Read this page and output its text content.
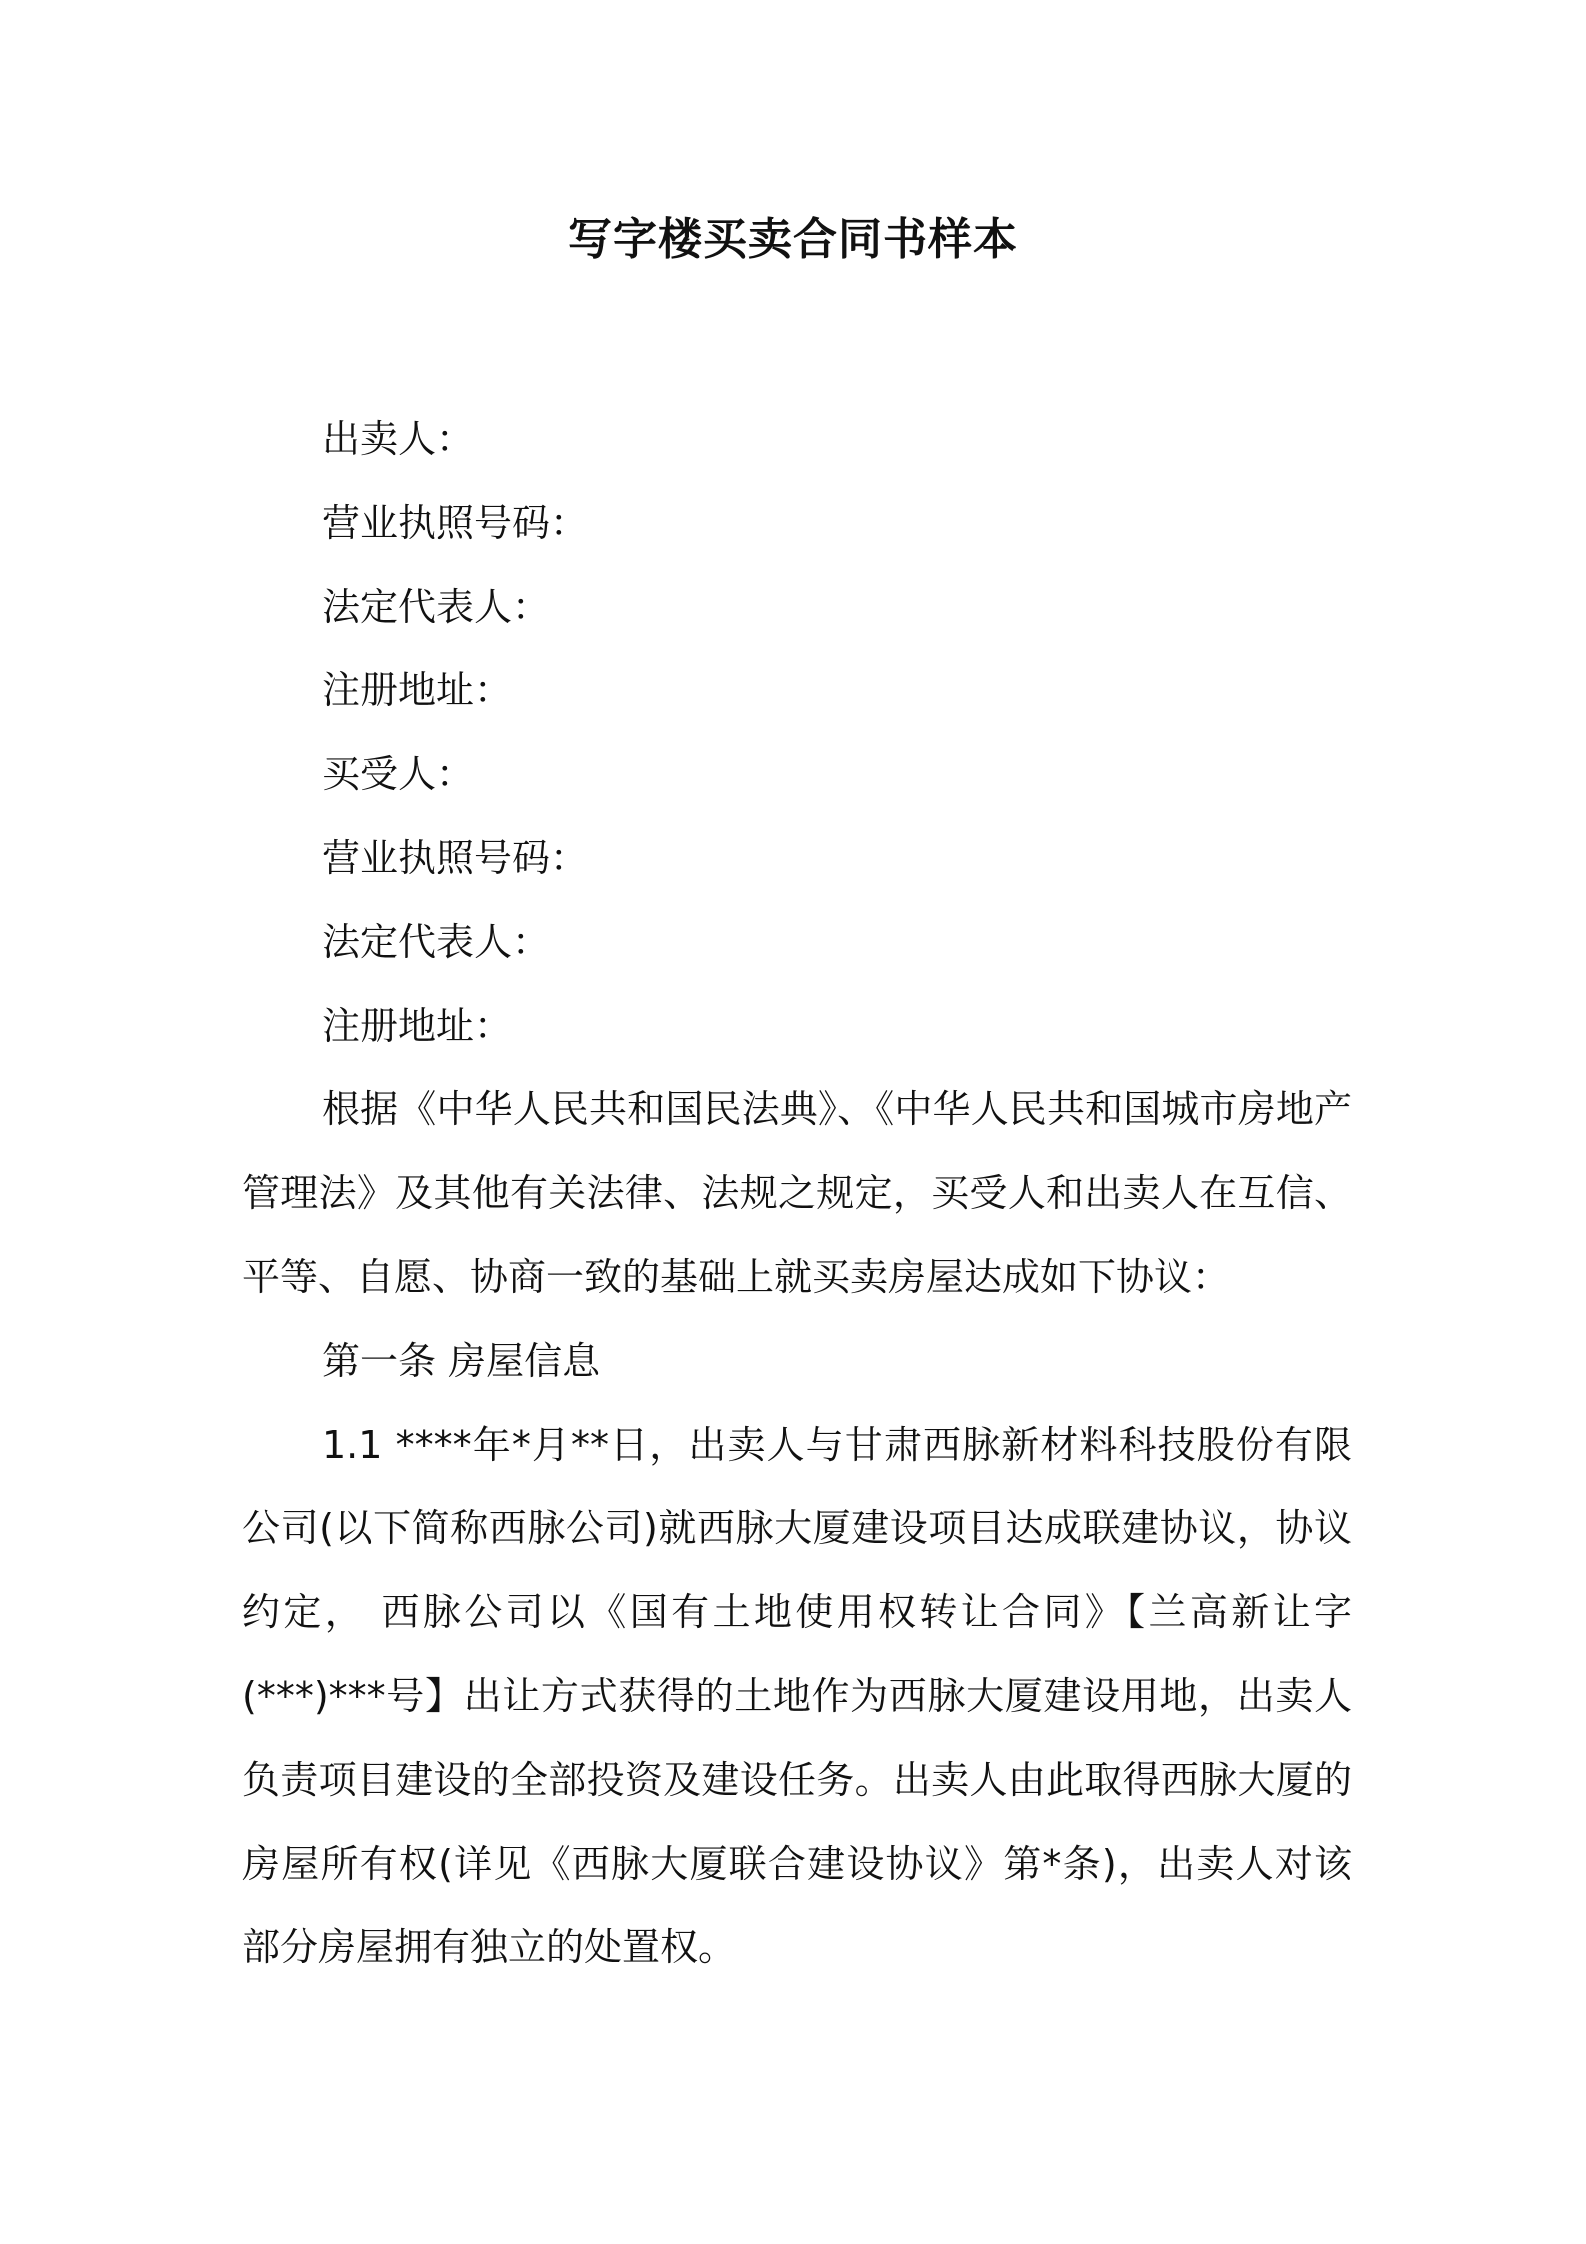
写字楼买卖合同书样本
出卖人：
营业执照号码：
法定代表人：
注册地址：
买受人：
营业执照号码：
法定代表人：
注册地址：

根据《中华人民共和国民法典》、《中华人民共和国城市房地产管理法》及其他有关法律、法规之规定，买受人和出卖人在互信、平等、自愿、协商一致的基础上就买卖房屋达成如下协议：

第一条 房屋信息

1.1 ****年*月**日，出卖人与甘肃西脉新材料科技股份有限公司(以下简称西脉公司)就西脉大厦建设项目达成联建协议，协议约定， 西脉公司以《国有土地使用权转让合同》【兰高新让字(***)***号】出让方式获得的土地作为西脉大厦建设用地，出卖人负责项目建设的全部投资及建设任务。出卖人由此取得西脉大厦的房屋所有权(详见《西脉大厦联合建设协议》第*条)，出卖人对该部分房屋拥有独立的处置权。
